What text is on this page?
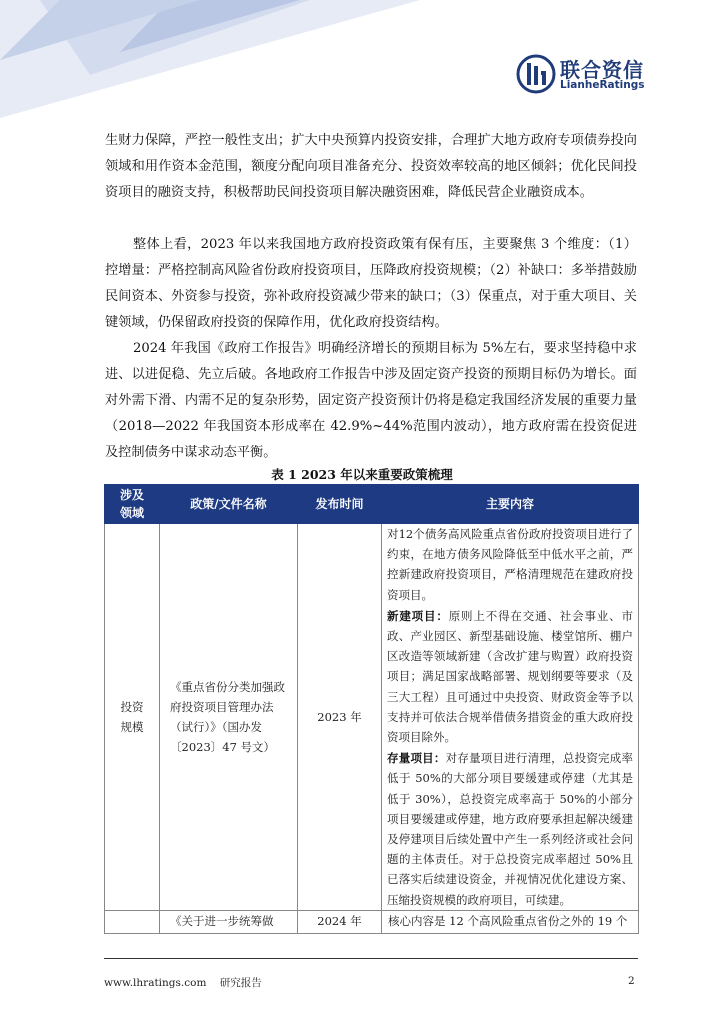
联合资信
LianheRatings

生财力保障，严控一般性支出；扩大中央预算内投资安排，合理扩大地方政府专项债券投向领域和用作资本金范围，额度分配向项目准备充分、投资效率较高的地区倾斜；优化民间投资项目的融资支持，积极帮助民间投资项目解决融资困难，降低民营企业融资成本。

整体上看，2023 年以来我国地方政府投资政策有保有压，主要聚焦 3 个维度：（1）控增量：严格控制高风险省份政府投资项目，压降政府投资规模；（2）补缺口：多举措鼓励民间资本、外资参与投资，弥补政府投资减少带来的缺口；（3）保重点，对于重大项目、关键领域，仍保留政府投资的保障作用，优化政府投资结构。

2024 年我国《政府工作报告》明确经济增长的预期目标为 5%左右，要求坚持稳中求进、以进促稳、先立后破。各地政府工作报告中涉及固定资产投资的预期目标仍为增长。面对外需下滑、内需不足的复杂形势，固定资产投资预计仍将是稳定我国经济发展的重要力量（2018—2022 年我国资本形成率在 42.9%~44%范围内波动），地方政府需在投资促进及控制债务中谋求动态平衡。

表 1 2023 年以来重要政策梳理
涉及领域	政策/文件名称	发布时间	主要内容
投资规模	《重点省份分类加强政府投资项目管理办法（试行）》（国办发〔2023〕47 号文）	2023 年	对12个债务高风险重点省份政府投资项目进行了约束，在地方债务风险降低至中低水平之前，严控新建政府投资项目，严格清理规范在建政府投资项目。

新建项目：原则上不得在交通、社会事业、市政、产业园区、新型基础设施、楼堂馆所、棚户区改造等领域新建（含改扩建与购置）政府投资项目；满足国家战略部署、规划纲要等要求（及三大工程）且可通过中央投资、财政资金等予以支持并可依法合规举借债务措资金的重大政府投资项目除外。

存量项目：对存量项目进行清理，总投资完成率低于 50%的大部分项目要缓建或停建（尤其是低于 30%），总投资完成率高于 50%的小部分项目要缓建或停建，地方政府要承担起解决缓建及停建项目后续处置中产生一系列经济或社会问题的主体责任。对于总投资完成率超过 50%且已落实后续建设资金，并视情况优化建设方案、压缩投资规模的政府项目，可续建。

	《关于进一步统筹做	2024 年	核心内容是 12 个高风险重点省份之外的 19 个
www.lhratings.com 研究报告	2
